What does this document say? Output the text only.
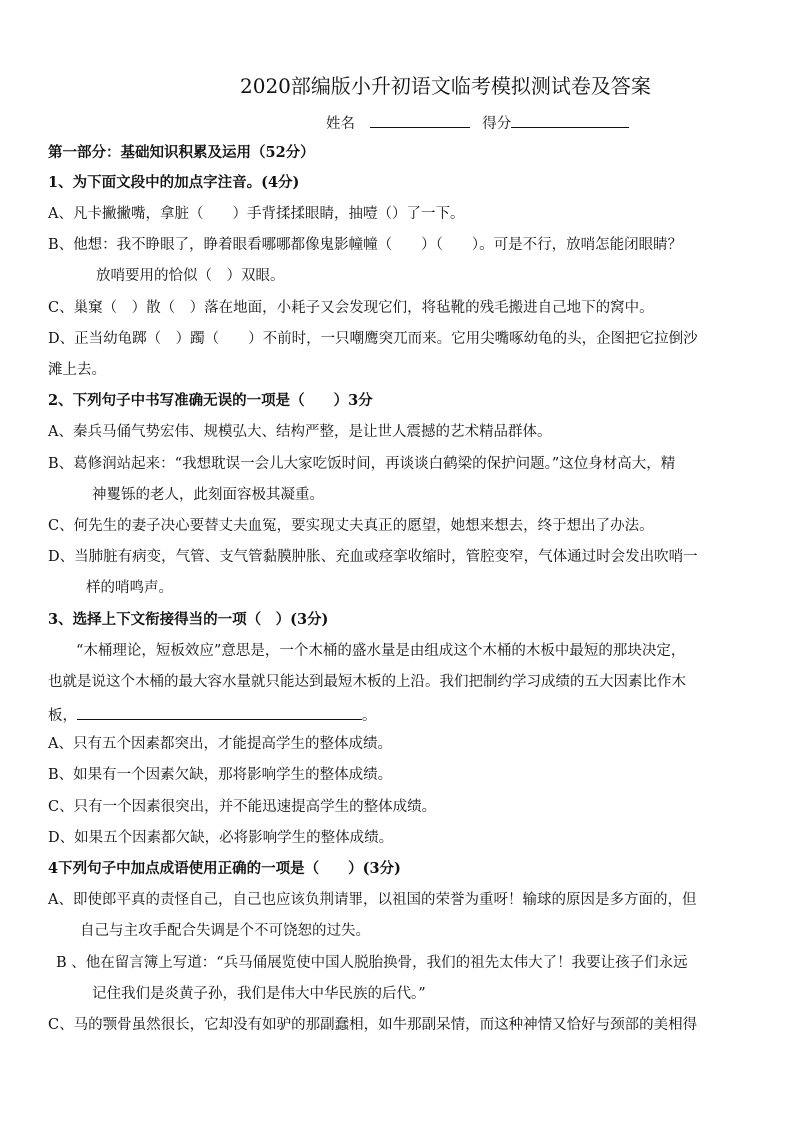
2020部编版小升初语文临考模拟测试卷及答案
姓名	得分
第一部分：基础知识积累及运用（52分）
1、为下面文段中的加点字注音。(4分)
A、凡卡撇撇嘴，拿脏（　　）手背揉揉眼睛，抽噎（）了一下。
B、他想：我不睁眼了，睁着眼看哪哪都像鬼影幢幢（　　）（　　）。可是不行，放哨怎能闭眼睛？
放哨要用的恰似（　）双眼。
C、巢窠（　）散（　）落在地面，小耗子又会发现它们，将毡靴的残毛搬进自己地下的窝中。
D、正当幼龟踯（　）躅（　　）不前时，一只嘲鹰突兀而来。它用尖嘴啄幼龟的头，企图把它拉倒沙
滩上去。
2、下列句子中书写准确无误的一项是（　　）3分
A、秦兵马俑气势宏伟、规模弘大、结构严整，是让世人震撼的艺术精品群体。
B、葛修润站起来：“我想耽误一会儿大家吃饭时间，再谈谈白鹤梁的保护问题。”这位身材高大，精
神矍铄的老人，此刻面容极其凝重。
C、何先生的妻子决心要替丈夫血冤，要实现丈夫真正的愿望，她想来想去，终于想出了办法。
D、当肺脏有病变，气管、支气管黏膜肿胀、充血或痉挛收缩时，管腔变窄，气体通过时会发出吹哨一
样的哨鸣声。
3、选择上下文衔接得当的一项（　）(3分)
“木桶理论，短板效应”意思是，一个木桶的盛水量是由组成这个木桶的木板中最短的那块决定，
也就是说这个木桶的最大容水量就只能达到最短木板的上沿。我们把制约学习成绩的五大因素比作木
板，	。
A、只有五个因素都突出，才能提高学生的整体成绩。
B、如果有一个因素欠缺，那将影响学生的整体成绩。
C、只有一个因素很突出，并不能迅速提高学生的整体成绩。
D、如果五个因素都欠缺，必将影响学生的整体成绩。
4下列句子中加点成语使用正确的一项是（　　）(3分)
A、即使郎平真的责怪自己，自己也应该负荆请罪，以祖国的荣誉为重呀！输球的原因是多方面的，但
自己与主攻手配合失调是个不可饶恕的过失。
B 、他在留言簿上写道：“兵马俑展览使中国人脱胎换骨，我们的祖先太伟大了！我要让孩子们永远
记住我们是炎黄子孙，我们是伟大中华民族的后代。”
C、马的颚骨虽然很长，它却没有如驴的那副蠢相，如牛那副呆情，而这种神情又恰好与颈部的美相得
